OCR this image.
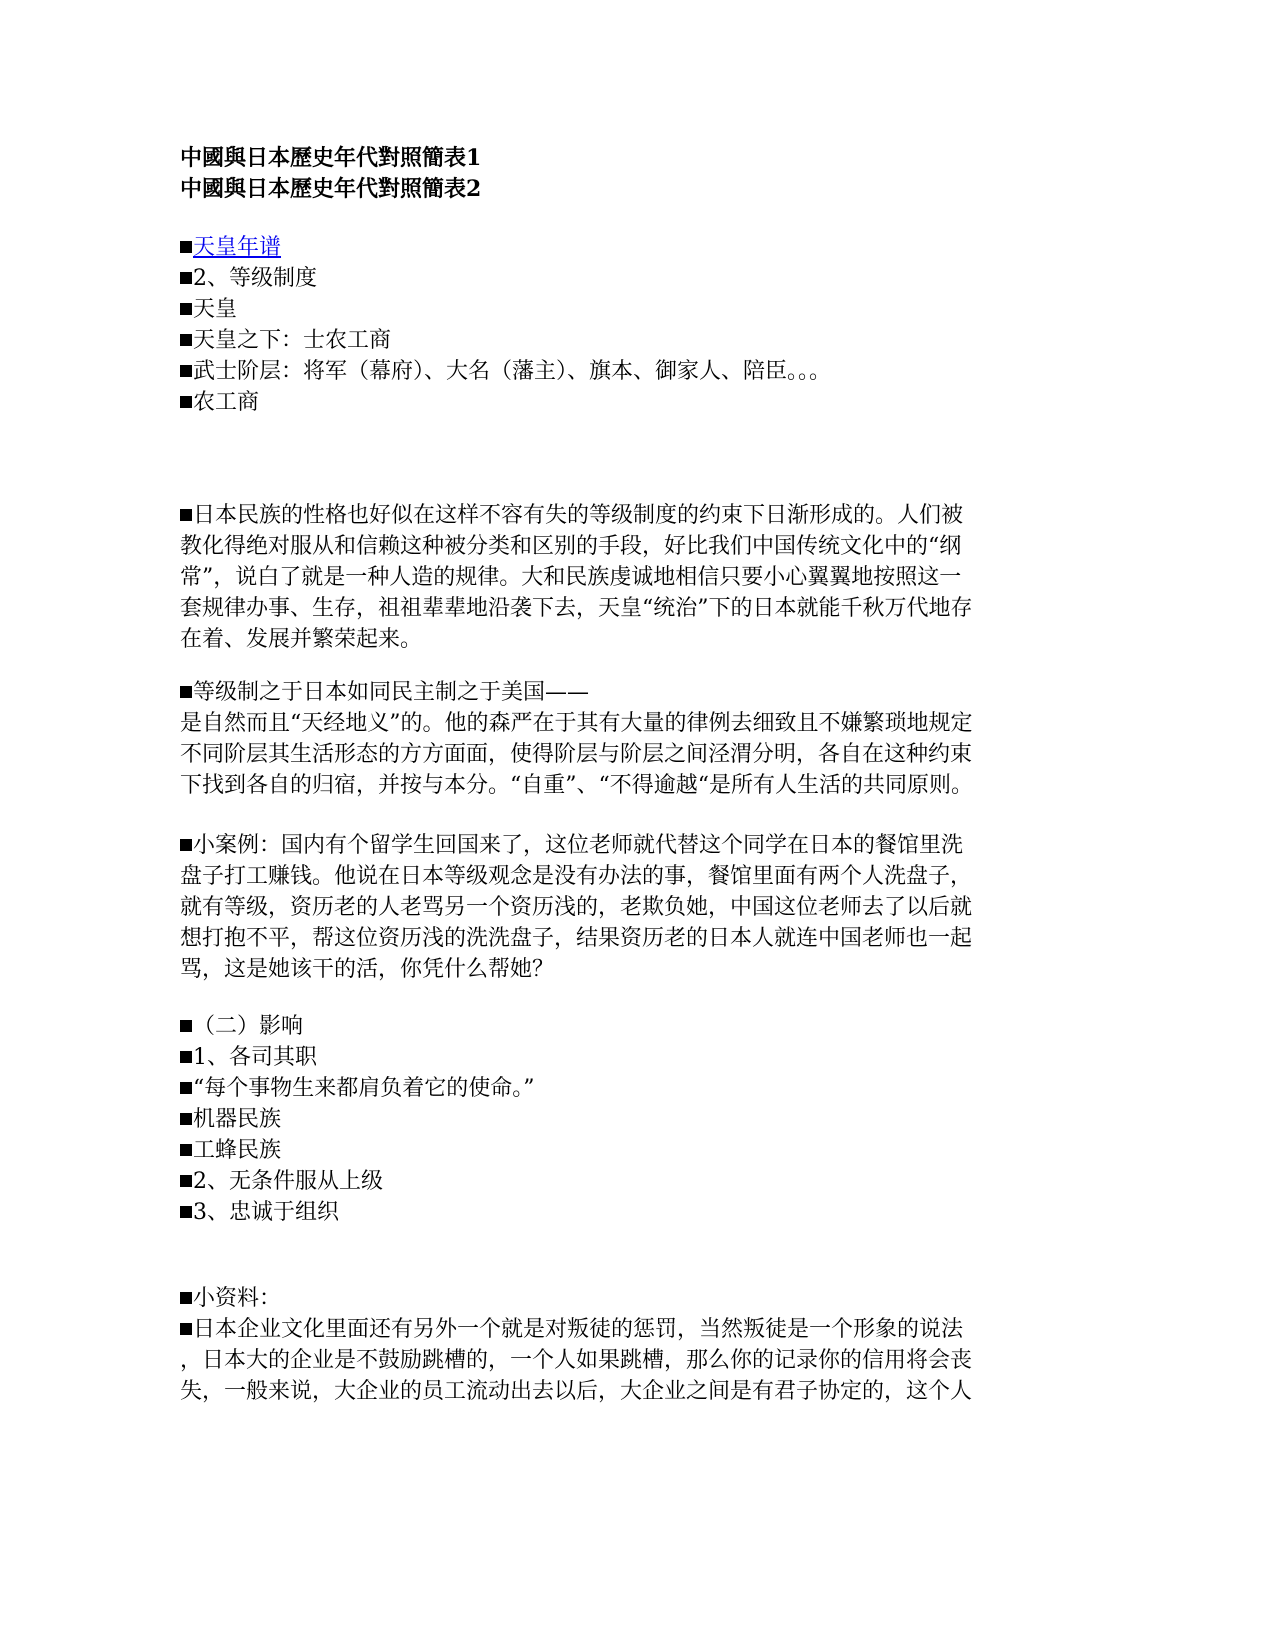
中國與日本歷史年代對照簡表1
中國與日本歷史年代對照簡表2
天皇年谱
2、等级制度
天皇
天皇之下：士农工商
武士阶层：将军（幕府）、大名（藩主）、旗本、御家人、陪臣。。。
农工商
日本民族的性格也好似在这样不容有失的等级制度的约束下日渐形成的。人们被
教化得绝对服从和信赖这种被分类和区别的手段，好比我们中国传统文化中的“纲
常”，说白了就是一种人造的规律。大和民族虔诚地相信只要小心翼翼地按照这一
套规律办事、生存，祖祖辈辈地沿袭下去，天皇“统治”下的日本就能千秋万代地存
在着、发展并繁荣起来。
等级制之于日本如同民主制之于美国——
是自然而且“天经地义”的。他的森严在于其有大量的律例去细致且不嫌繁琐地规定
不同阶层其生活形态的方方面面，使得阶层与阶层之间泾渭分明，各自在这种约束
下找到各自的归宿，并按与本分。“自重”、“不得逾越“是所有人生活的共同原则。
小案例：国内有个留学生回国来了，这位老师就代替这个同学在日本的餐馆里洗
盘子打工赚钱。他说在日本等级观念是没有办法的事，餐馆里面有两个人洗盘子，
就有等级，资历老的人老骂另一个资历浅的，老欺负她，中国这位老师去了以后就
想打抱不平，帮这位资历浅的洗洗盘子，结果资历老的日本人就连中国老师也一起
骂，这是她该干的活，你凭什么帮她？
（二）影响
1、各司其职
“每个事物生来都肩负着它的使命。”
机器民族
工蜂民族
2、无条件服从上级
3、忠诚于组织
小资料：
日本企业文化里面还有另外一个就是对叛徒的惩罚，当然叛徒是一个形象的说法
，日本大的企业是不鼓励跳槽的，一个人如果跳槽，那么你的记录你的信用将会丧
失，一般来说，大企业的员工流动出去以后，大企业之间是有君子协定的，这个人
